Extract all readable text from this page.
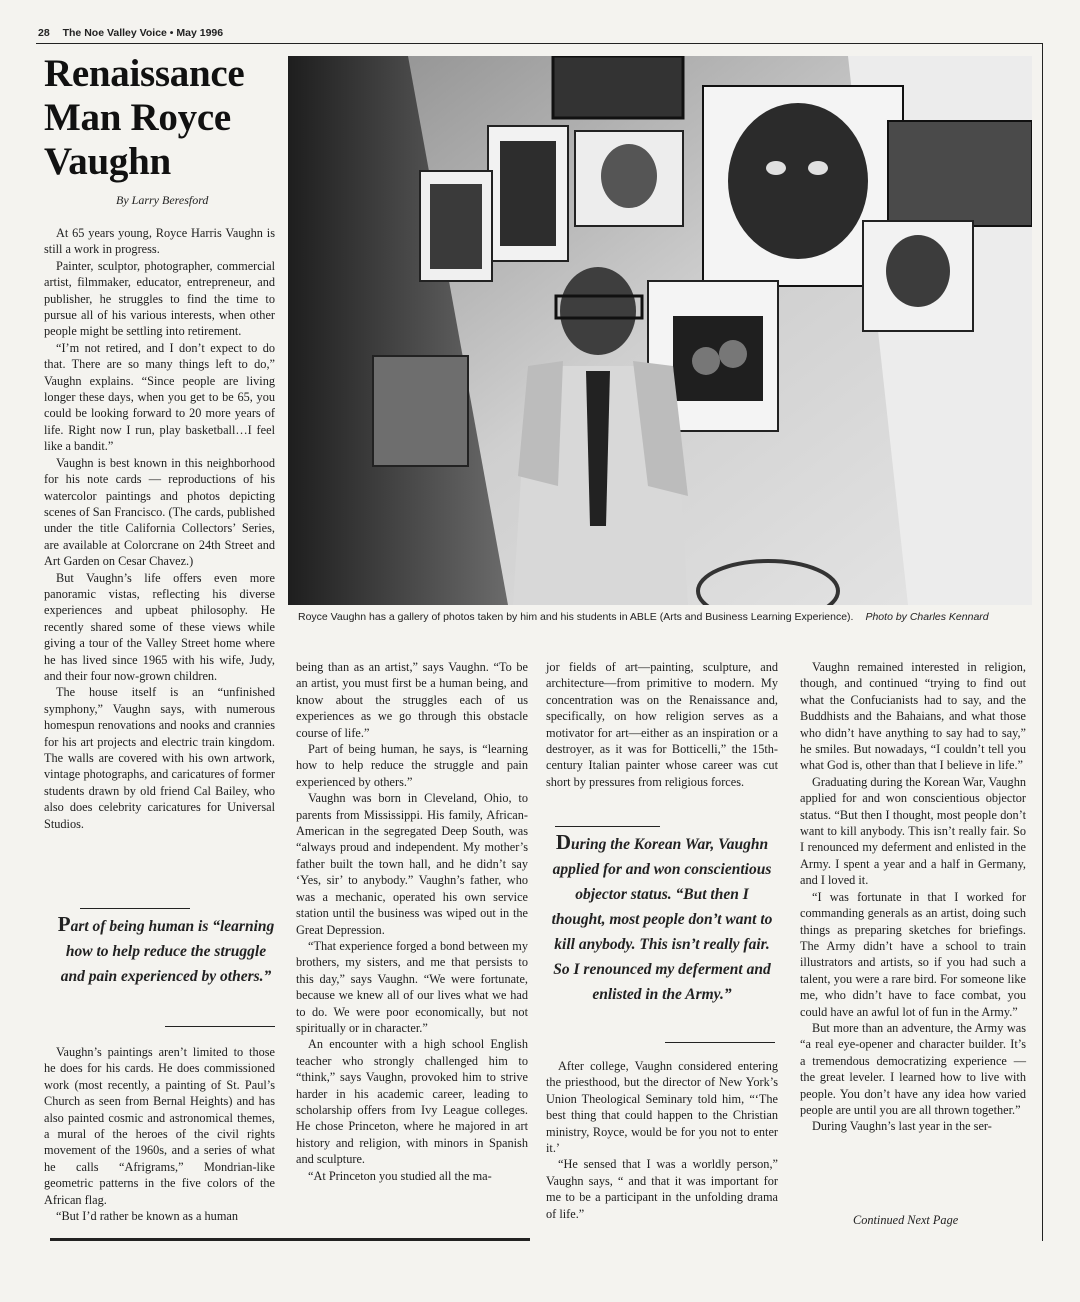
28 The Noe Valley Voice • May 1996
Renaissance Man Royce Vaughn
By Larry Beresford

At 65 years young, Royce Harris Vaughn is still a work in progress.

Painter, sculptor, photographer, commercial artist, filmmaker, educator, entrepreneur, and publisher, he struggles to find the time to pursue all of his various interests, when other people might be settling into retirement.

“I’m not retired, and I don’t expect to do that. There are so many things left to do,” Vaughn explains. “Since people are living longer these days, when you get to be 65, you could be looking forward to 20 more years of life. Right now I run, play basketball…I feel like a bandit.”

Vaughn is best known in this neighborhood for his note cards — reproductions of his watercolor paintings and photos depicting scenes of San Francisco. (The cards, published under the title California Collectors’ Series, are available at Colorcrane on 24th Street and Art Garden on Cesar Chavez.)

But Vaughn’s life offers even more panoramic vistas, reflecting his diverse experiences and upbeat philosophy. He recently shared some of these views while giving a tour of the Valley Street home where he has lived since 1965 with his wife, Judy, and their four now-grown children.

The house itself is an “unfinished symphony,” Vaughn says, with numerous homespun renovations and nooks and crannies for his art projects and electric train kingdom. The walls are covered with his own artwork, vintage photographs, and caricatures of former students drawn by old friend Cal Bailey, who also does celebrity caricatures for Universal Studios.

Part of being human is “learning how to help reduce the struggle and pain experienced by others.”

Vaughn’s paintings aren’t limited to those he does for his cards. He does commissioned work (most recently, a painting of St. Paul’s Church as seen from Bernal Heights) and has also painted cosmic and astronomical themes, a mural of the heroes of the civil rights movement of the 1960s, and a series of what he calls “Afrigrams,” Mondrian-like geometric patterns in the five colors of the African flag.

“But I’d rather be known as a human

Royce Vaughn has a gallery of photos taken by him and his students in ABLE (Arts and Business Learning Experience). Photo by Charles Kennard

being than as an artist,” says Vaughn. “To be an artist, you must first be a human being, and know about the struggles each of us experiences as we go through this obstacle course of life.”

Part of being human, he says, is “learning how to help reduce the struggle and pain experienced by others.”

Vaughn was born in Cleveland, Ohio, to parents from Mississippi. His family, African-American in the segregated Deep South, was “always proud and independent. My mother’s father built the town hall, and he didn’t say ‘Yes, sir’ to anybody.” Vaughn’s father, who was a mechanic, operated his own service station until the business was wiped out in the Great Depression.

“That experience forged a bond between my brothers, my sisters, and me that persists to this day,” says Vaughn. “We were fortunate, because we knew all of our lives what we had to do. We were poor economically, but not spiritually or in character.”

An encounter with a high school English teacher who strongly challenged him to “think,” says Vaughn, provoked him to strive harder in his academic career, leading to scholarship offers from Ivy League colleges. He chose Princeton, where he majored in art history and religion, with minors in Spanish and sculpture.

“At Princeton you studied all the ma-

jor fields of art—painting, sculpture, and architecture—from primitive to modern. My concentration was on the Renaissance and, specifically, on how religion serves as a motivator for art—either as an inspiration or a destroyer, as it was for Botticelli,” the 15th-century Italian painter whose career was cut short by pressures from religious forces.

During the Korean War, Vaughn applied for and won conscientious objector status. “But then I thought, most people don’t want to kill anybody. This isn’t really fair. So I renounced my deferment and enlisted in the Army.”

After college, Vaughn considered entering the priesthood, but the director of New York’s Union Theological Seminary told him, “‘The best thing that could happen to the Christian ministry, Royce, would be for you not to enter it.’

“He sensed that I was a worldly person,” Vaughn says, “ and that it was important for me to be a participant in the unfolding drama of life.”

Vaughn remained interested in religion, though, and continued “trying to find out what the Confucianists had to say, and the Buddhists and the Bahaians, and what those who didn’t have anything to say had to say,” he smiles. But nowadays, “I couldn’t tell you what God is, other than that I believe in life.”

Graduating during the Korean War, Vaughn applied for and won conscientious objector status. “But then I thought, most people don’t want to kill anybody. This isn’t really fair. So I renounced my deferment and enlisted in the Army. I spent a year and a half in Germany, and I loved it.

“I was fortunate in that I worked for commanding generals as an artist, doing such things as preparing sketches for briefings. The Army didn’t have a school to train illustrators and artists, so if you had such a talent, you were a rare bird. For someone like me, who didn’t have to face combat, you could have an awful lot of fun in the Army.”

But more than an adventure, the Army was “a real eye-opener and character builder. It’s a tremendous democratizing experience — the great leveler. I learned how to live with people. You don’t have any idea how varied people are until you are all thrown together.”

During Vaughn’s last year in the ser-

Continued Next Page
